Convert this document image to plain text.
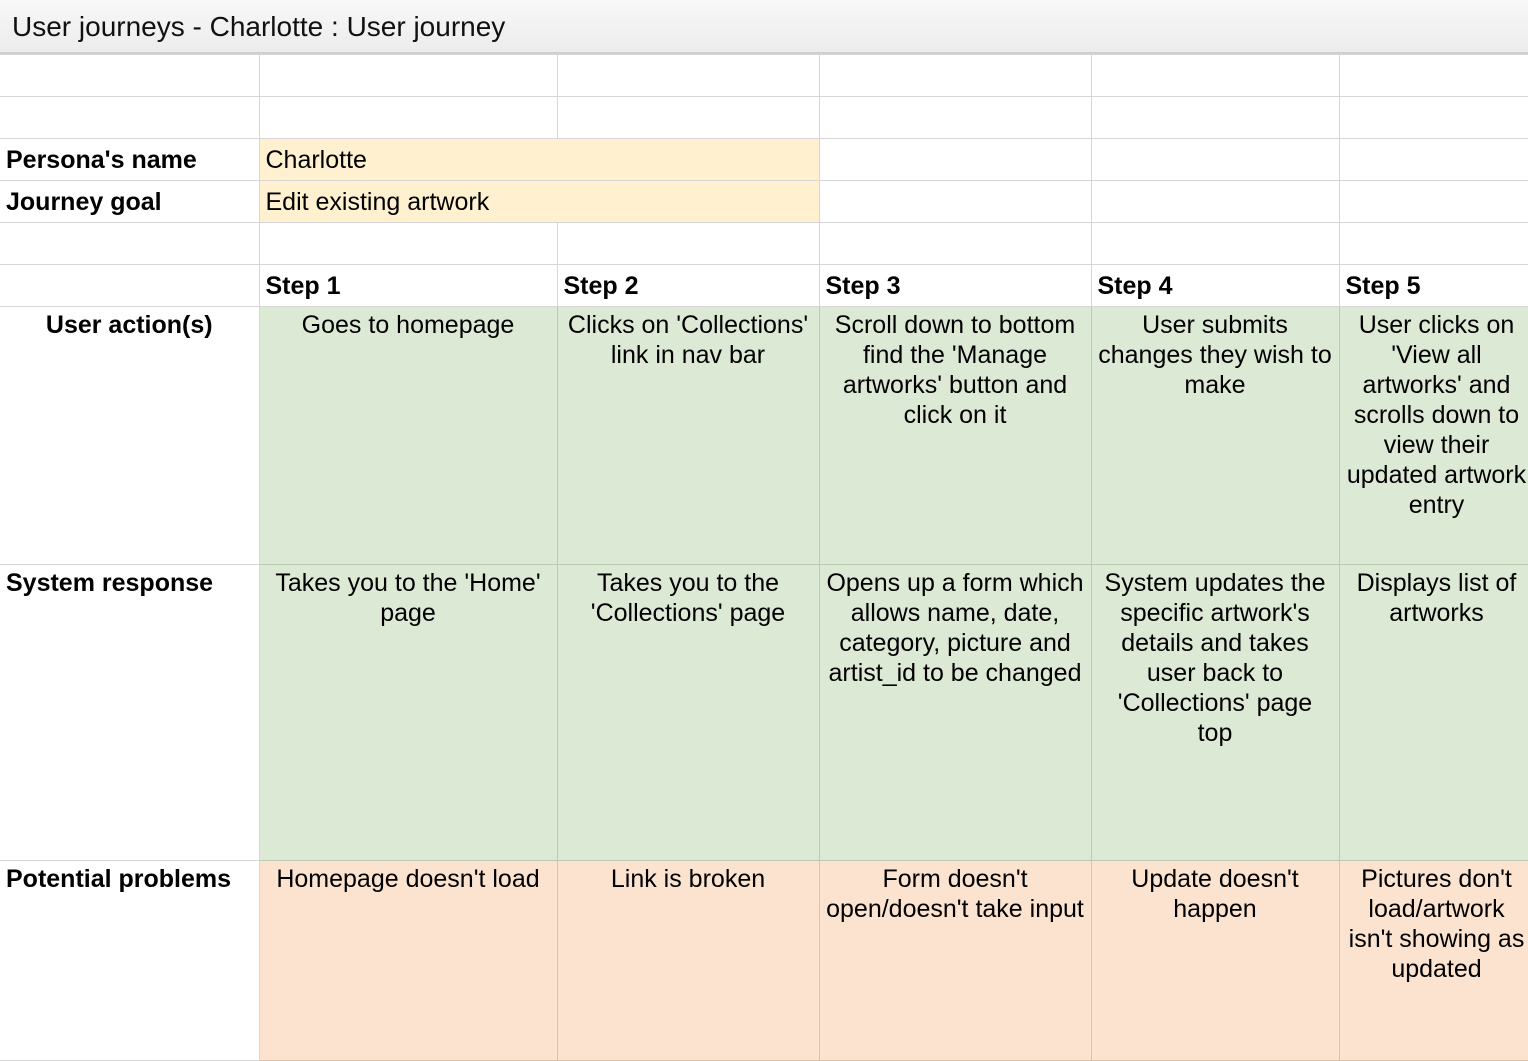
User journeys - Charlotte : User journey

Persona's name	Charlotte				
Journey goal	Edit existing artwork				

	Step 1	Step 2	Step 3	Step 4	Step 5
User action(s)	Goes to homepage	Clicks on 'Collections' link in nav bar	Scroll down to bottom find the 'Manage artworks' button and click on it	User submits changes they wish to make	User clicks on 'View all artworks' and scrolls down to view their updated artwork entry
System response	Takes you to the 'Home' page	Takes you to the 'Collections' page	Opens up a form which allows name, date, category, picture and artist_id to be changed	System updates the specific artwork's details and takes user back to 'Collections' page top	Displays list of artworks
Potential problems	Homepage doesn't load	Link is broken	Form doesn't open/doesn't take input	Update doesn't happen	Pictures don't load/artwork isn't showing as updated
